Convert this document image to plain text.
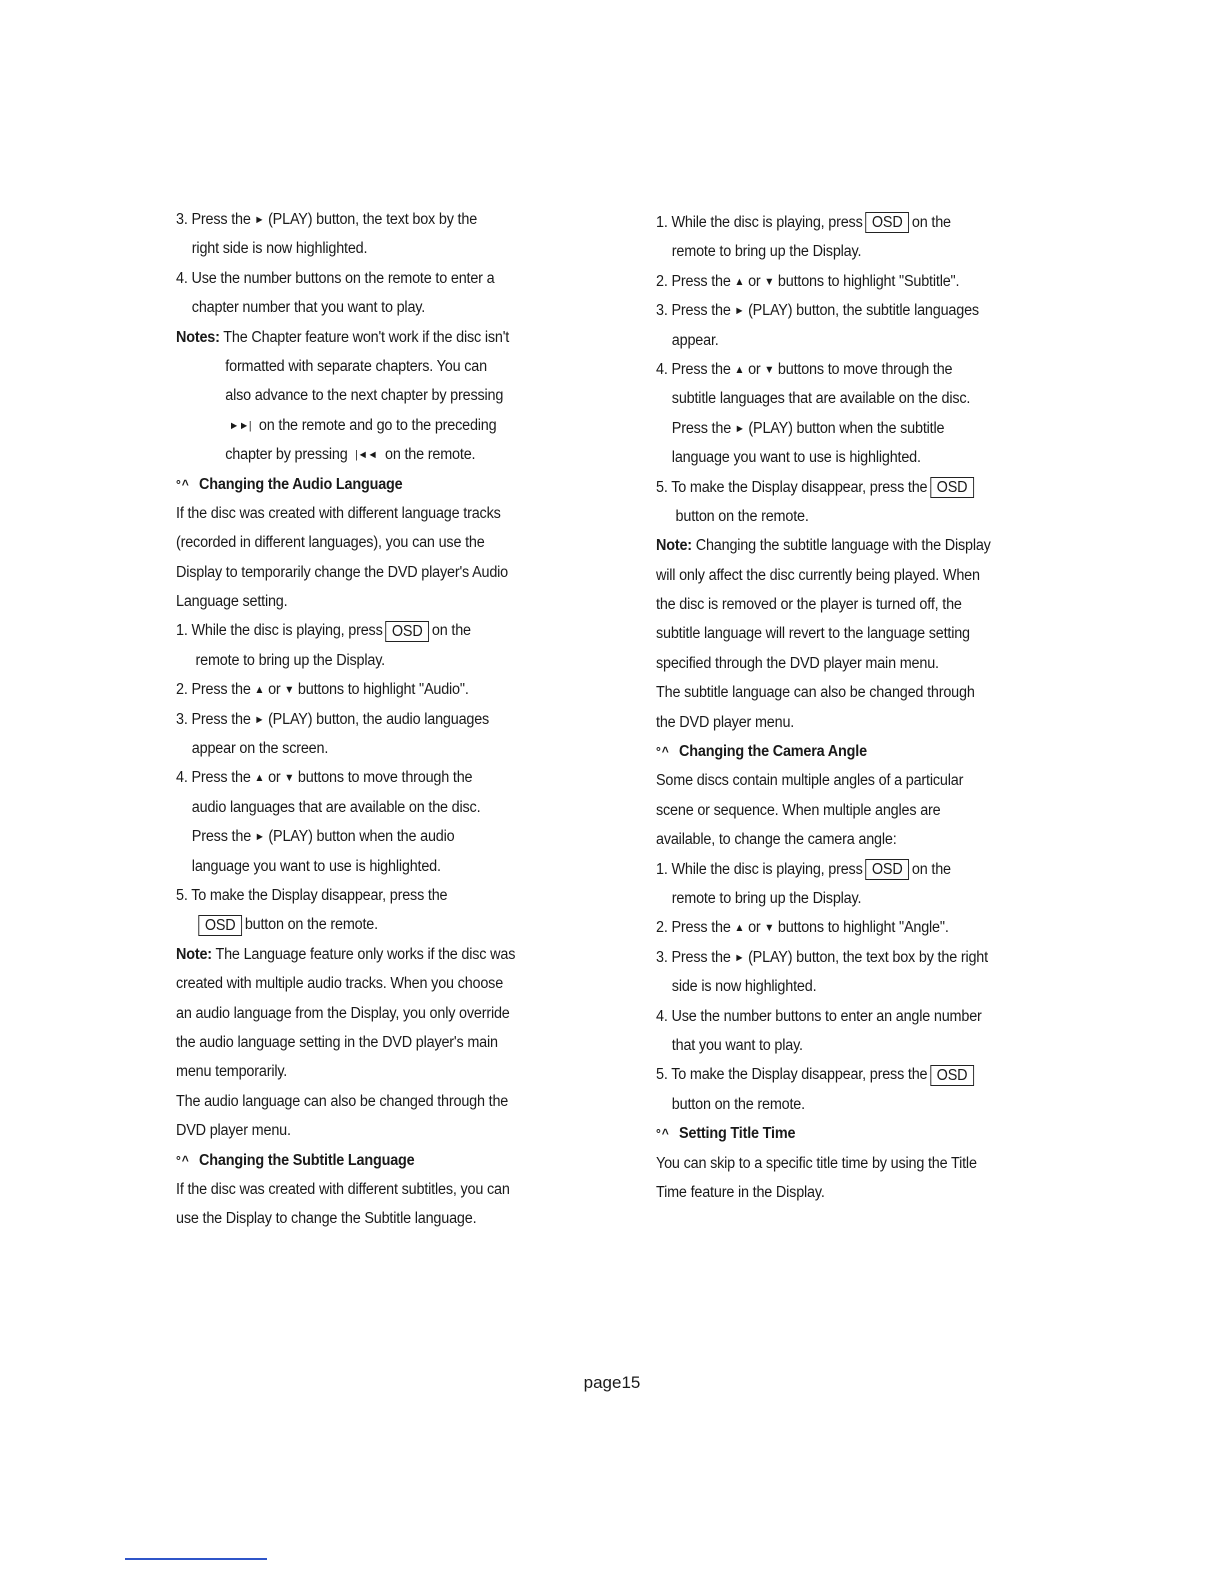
3. Press the ► (PLAY) button, the text box by the
right side is now highlighted.
4. Use the number buttons on the remote to enter a
chapter number that you want to play.
Notes: The Chapter feature won't work if the disc isn't
formatted with separate chapters. You can
also advance to the next chapter by pressing
►►| on the remote and go to the preceding
chapter by pressing |◄◄ on the remote.
°^ Changing the Audio Language
If the disc was created with different language tracks
(recorded in different languages), you can use the
Display to temporarily change the DVD player's Audio
Language setting.
1. While the disc is playing, press OSD on the
remote to bring up the Display.
2. Press the ▲ or ▼ buttons to highlight "Audio".
3. Press the ► (PLAY) button, the audio languages
appear on the screen.
4. Press the ▲ or ▼ buttons to move through the
audio languages that are available on the disc.
Press the ► (PLAY) button when the audio
language you want to use is highlighted.
5. To make the Display disappear, press the
OSD button on the remote.
Note: The Language feature only works if the disc was
created with multiple audio tracks. When you choose
an audio language from the Display, you only override
the audio language setting in the DVD player's main
menu temporarily.
The audio language can also be changed through the
DVD player menu.
°^ Changing the Subtitle Language
If the disc was created with different subtitles, you can
use the Display to change the Subtitle language.
1. While the disc is playing, press OSD on the
remote to bring up the Display.
2. Press the ▲ or ▼ buttons to highlight "Subtitle".
3. Press the ► (PLAY) button, the subtitle languages
appear.
4. Press the ▲ or ▼ buttons to move through the
subtitle languages that are available on the disc.
Press the ► (PLAY) button when the subtitle
language you want to use is highlighted.
5. To make the Display disappear, press the OSD
button on the remote.
Note: Changing the subtitle language with the Display
will only affect the disc currently being played. When
the disc is removed or the player is turned off, the
subtitle language will revert to the language setting
specified through the DVD player main menu.
The subtitle language can also be changed through
the DVD player menu.
°^ Changing the Camera Angle
Some discs contain multiple angles of a particular
scene or sequence. When multiple angles are
available, to change the camera angle:
1. While the disc is playing, press OSD on the
remote to bring up the Display.
2. Press the ▲ or ▼ buttons to highlight "Angle".
3. Press the ► (PLAY) button, the text box by the right
side is now highlighted.
4. Use the number buttons to enter an angle number
that you want to play.
5. To make the Display disappear, press the OSD
button on the remote.
°^ Setting Title Time
You can skip to a specific title time by using the Title
Time feature in the Display.
page15
